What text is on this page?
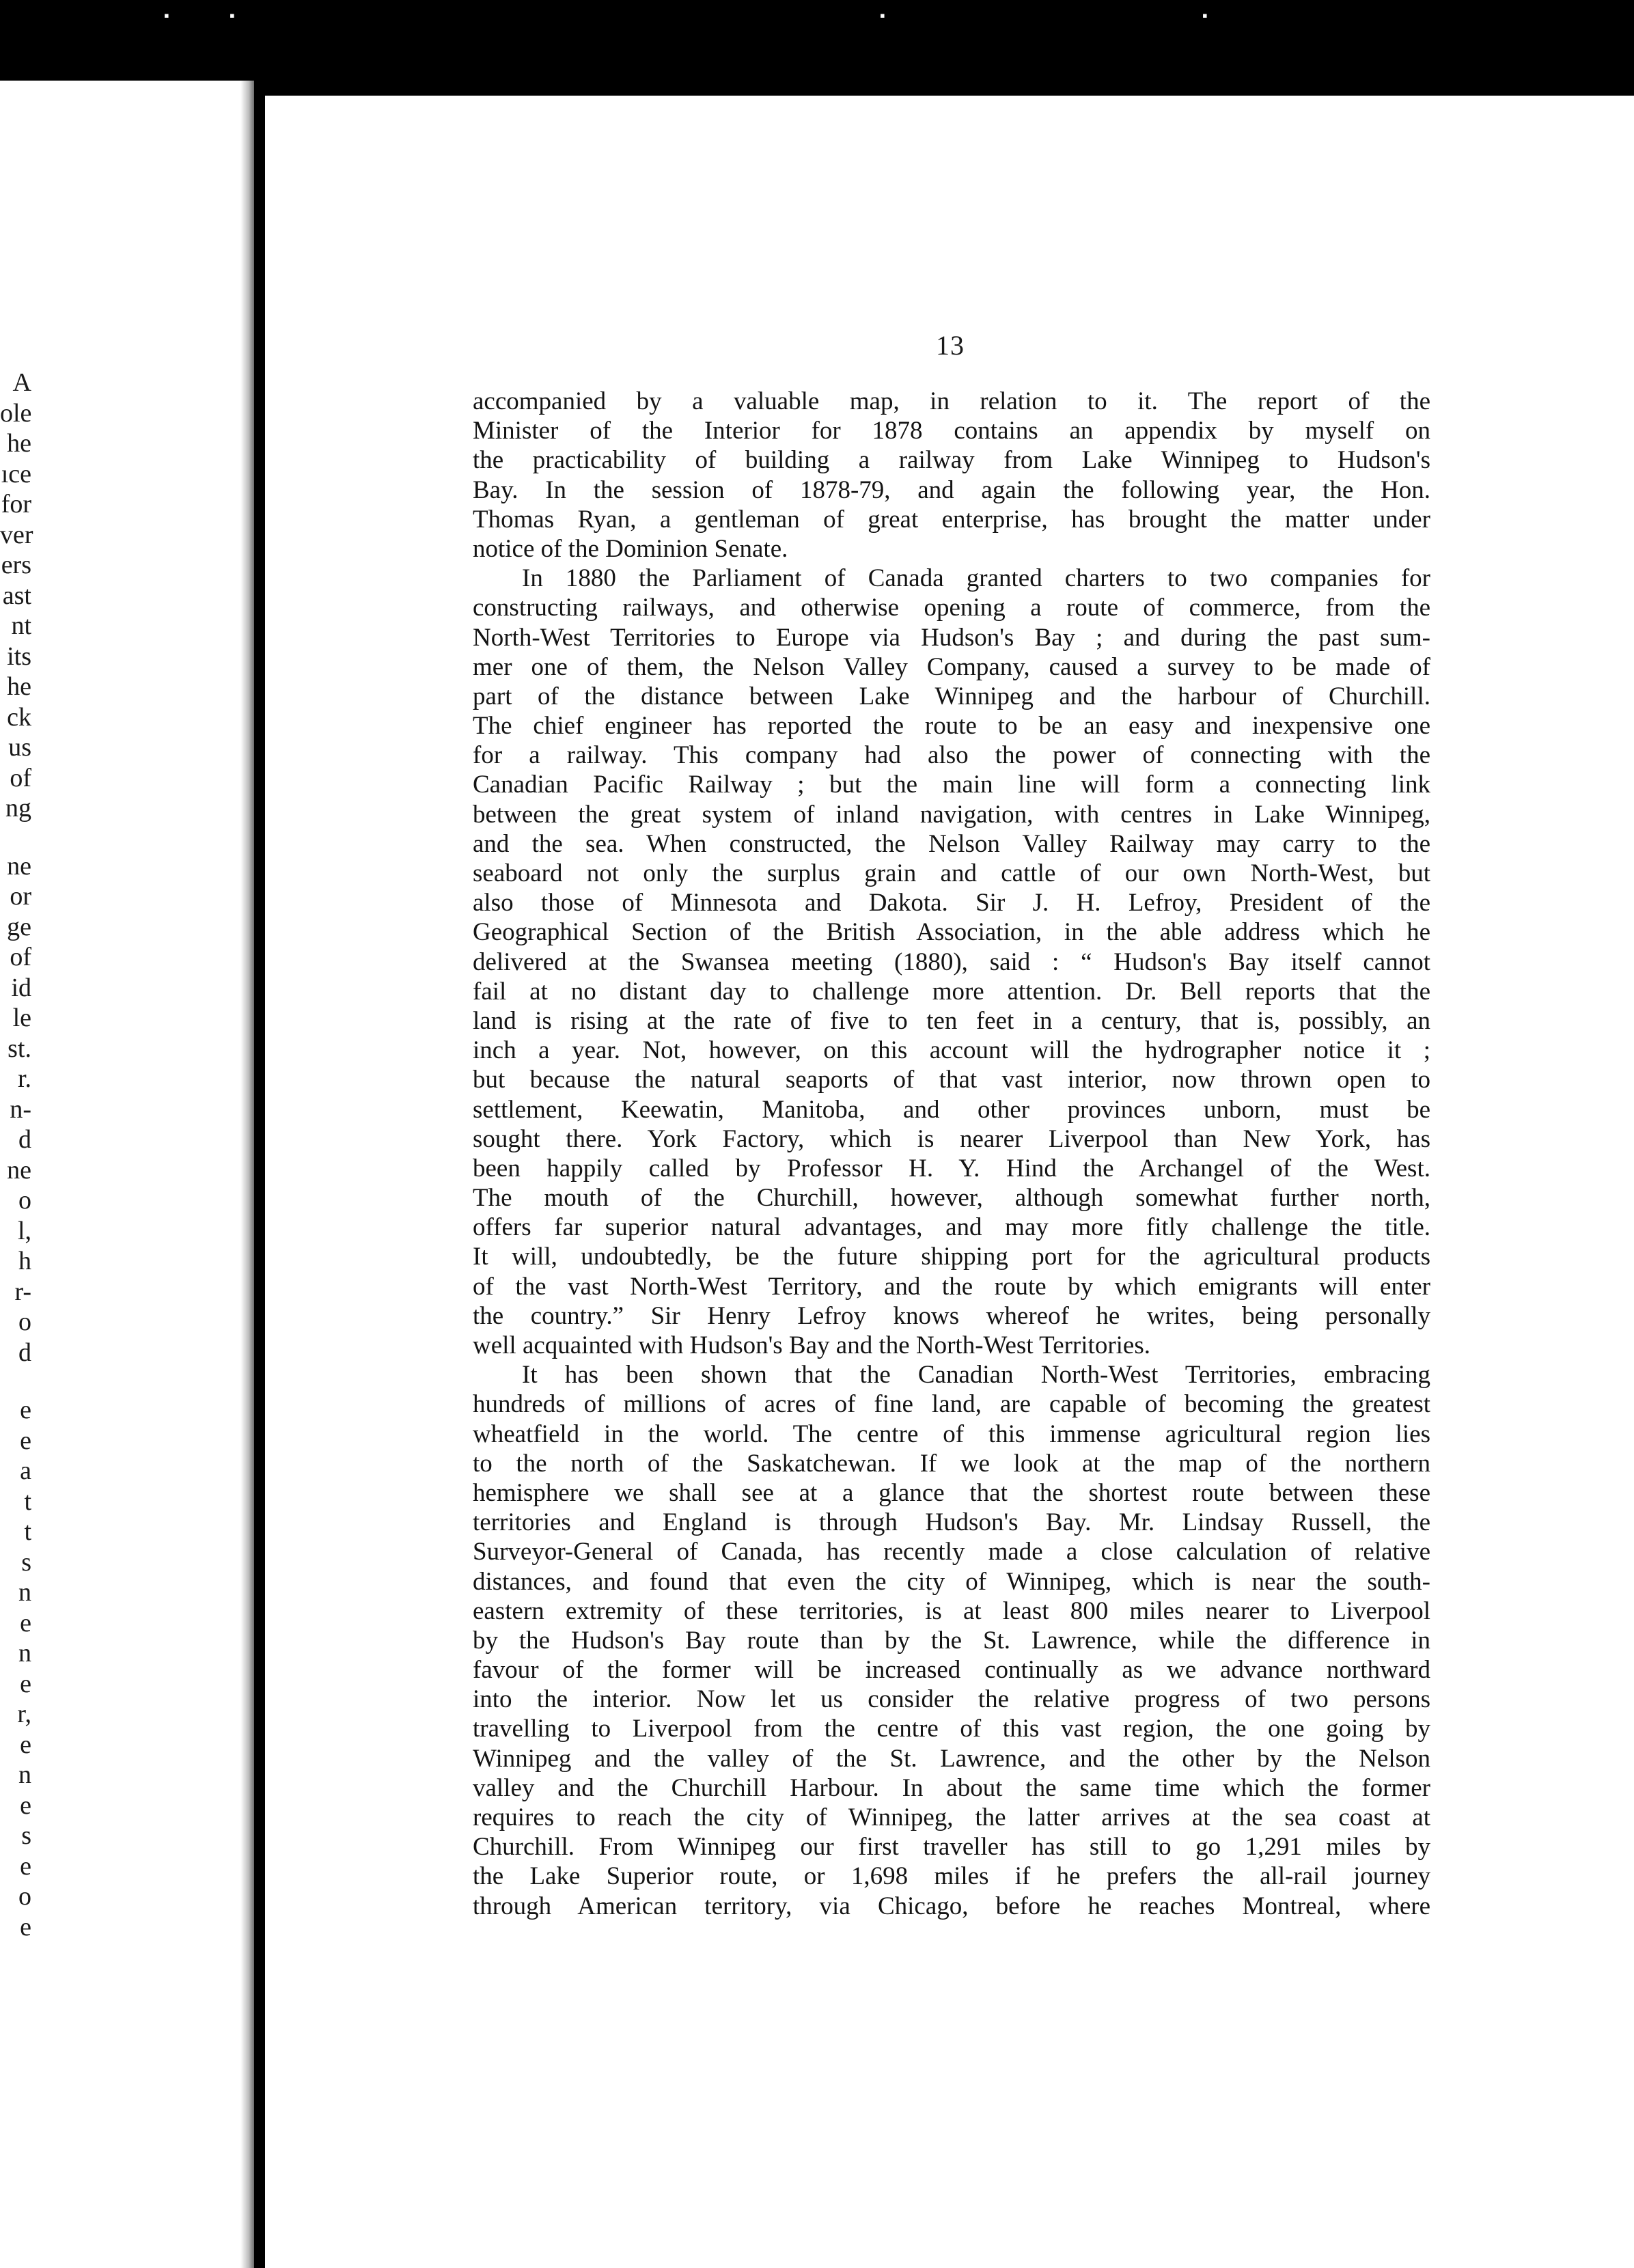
▪	▪	▪	▪
A
ole
he
ıce
for
ver
ers
ast
nt
its
he
ck
us
of
ng
ne
or
ge
of
id
le
st.
r.
n-
d
ne
o
l,
h
r-
o
d
e
e
a
t
t
s
n
e
n
e
r,
e
n
e
s
e
o
e
13
accompanied by a valuable map, in relation to it. The report of the
Minister of the Interior for 1878 contains an appendix by myself on
the practicability of building a railway from Lake Winnipeg to Hudson's
Bay. In the session of 1878-79, and again the following year, the Hon.
Thomas Ryan, a gentleman of great enterprise, has brought the matter under
notice of the Dominion Senate.
In 1880 the Parliament of Canada granted charters to two companies for
constructing railways, and otherwise opening a route of commerce, from the
North-West Territories to Europe via Hudson's Bay ; and during the past sum-
mer one of them, the Nelson Valley Company, caused a survey to be made of
part of the distance between Lake Winnipeg and the harbour of Churchill.
The chief engineer has reported the route to be an easy and inexpensive one
for a railway. This company had also the power of connecting with the
Canadian Pacific Railway ; but the main line will form a connecting link
between the great system of inland navigation, with centres in Lake Winnipeg,
and the sea. When constructed, the Nelson Valley Railway may carry to the
seaboard not only the surplus grain and cattle of our own North-West, but
also those of Minnesota and Dakota. Sir J. H. Lefroy, President of the
Geographical Section of the British Association, in the able address which he
delivered at the Swansea meeting (1880), said : “ Hudson's Bay itself cannot
fail at no distant day to challenge more attention. Dr. Bell reports that the
land is rising at the rate of five to ten feet in a century, that is, possibly, an
inch a year. Not, however, on this account will the hydrographer notice it ;
but because the natural seaports of that vast interior, now thrown open to
settlement, Keewatin, Manitoba, and other provinces unborn, must be
sought there. York Factory, which is nearer Liverpool than New York, has
been happily called by Professor H. Y. Hind the Archangel of the West.
The mouth of the Churchill, however, although somewhat further north,
offers far superior natural advantages, and may more fitly challenge the title.
It will, undoubtedly, be the future shipping port for the agricultural products
of the vast North-West Territory, and the route by which emigrants will enter
the country.” Sir Henry Lefroy knows whereof he writes, being personally
well acquainted with Hudson's Bay and the North-West Territories.
It has been shown that the Canadian North-West Territories, embracing
hundreds of millions of acres of fine land, are capable of becoming the greatest
wheatfield in the world. The centre of this immense agricultural region lies
to the north of the Saskatchewan. If we look at the map of the northern
hemisphere we shall see at a glance that the shortest route between these
territories and England is through Hudson's Bay. Mr. Lindsay Russell, the
Surveyor-General of Canada, has recently made a close calculation of relative
distances, and found that even the city of Winnipeg, which is near the south-
eastern extremity of these territories, is at least 800 miles nearer to Liverpool
by the Hudson's Bay route than by the St. Lawrence, while the difference in
favour of the former will be increased continually as we advance northward
into the interior. Now let us consider the relative progress of two persons
travelling to Liverpool from the centre of this vast region, the one going by
Winnipeg and the valley of the St. Lawrence, and the other by the Nelson
valley and the Churchill Harbour. In about the same time which the former
requires to reach the city of Winnipeg, the latter arrives at the sea coast at
Churchill. From Winnipeg our first traveller has still to go 1,291 miles by
the Lake Superior route, or 1,698 miles if he prefers the all-rail journey
through American territory, via Chicago, before he reaches Montreal, where
